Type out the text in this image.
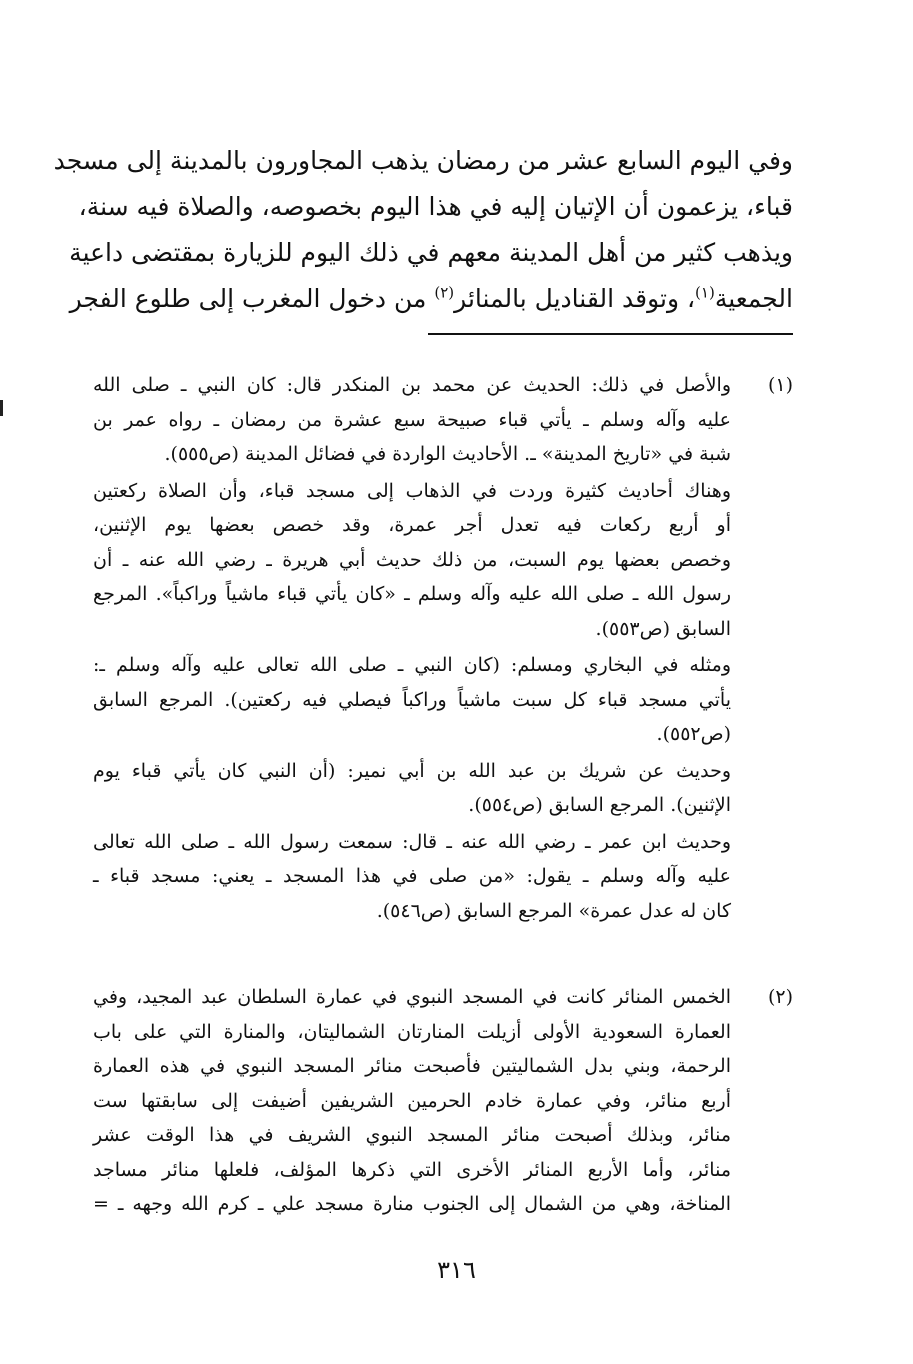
وفي اليوم السابع عشر من رمضان يذهب المجاورون بالمدينة إلى مسجد
قباء، يزعمون أن الإتيان إليه في هذا اليوم بخصوصه، والصلاة فيه سنة،
ويذهب كثير من أهل المدينة معهم في ذلك اليوم للزيارة بمقتضى داعية
الجمعية$^{(١)}$، وتوقد القناديل بالمنائر$^{(٢)}$ من دخول المغرب إلى طلوع الفجر
(١)
والأصل في ذلك: الحديث عن محمد بن المنكدر قال: كان النبي ـ صلى الله
عليه وآله وسلم ـ يأتي قباء صبيحة سبع عشرة من رمضان ـ رواه عمر بن
شبة في «تاريخ المدينة» ـ. الأحاديث الواردة في فضائل المدينة (ص٥٥٥).
وهناك أحاديث كثيرة وردت في الذهاب إلى مسجد قباء، وأن الصلاة ركعتين
أو أربع ركعات فيه تعدل أجر عمرة، وقد خصص بعضها يوم الإثنين،
وخصص بعضها يوم السبت، من ذلك حديث أبي هريرة ـ رضي الله عنه ـ أن
رسول الله ـ صلى الله عليه وآله وسلم ـ «كان يأتي قباء ماشياً وراكباً». المرجع
السابق (ص٥٥٣).
ومثله في البخاري ومسلم: (كان النبي ـ صلى الله تعالى عليه وآله وسلم ـ:
يأتي مسجد قباء كل سبت ماشياً وراكباً فيصلي فيه ركعتين). المرجع السابق
(ص٥٥٢).
وحديث عن شريك بن عبد الله بن أبي نمير: (أن النبي كان يأتي قباء يوم
الإثنين). المرجع السابق (ص٥٥٤).
وحديث ابن عمر ـ رضي الله عنه ـ قال: سمعت رسول الله ـ صلى الله تعالى
عليه وآله وسلم ـ يقول: «من صلى في هذا المسجد ـ يعني: مسجد قباء ـ
كان له عدل عمرة» المرجع السابق (ص٥٤٦).
(٢)
الخمس المنائر كانت في المسجد النبوي في عمارة السلطان عبد المجيد، وفي
العمارة السعودية الأولى أزيلت المنارتان الشماليتان، والمنارة التي على باب
الرحمة، وبني بدل الشماليتين فأصبحت منائر المسجد النبوي في هذه العمارة
أربع منائر، وفي عمارة خادم الحرمين الشريفين أضيفت إلى سابقتها ست
منائر، وبذلك أصبحت منائر المسجد النبوي الشريف في هذا الوقت عشر
منائر، وأما الأربع المنائر الأخرى التي ذكرها المؤلف، فلعلها منائر مساجد
المناخة، وهي من الشمال إلى الجنوب منارة مسجد علي ـ كرم الله وجهه ـ =
٣١٦
